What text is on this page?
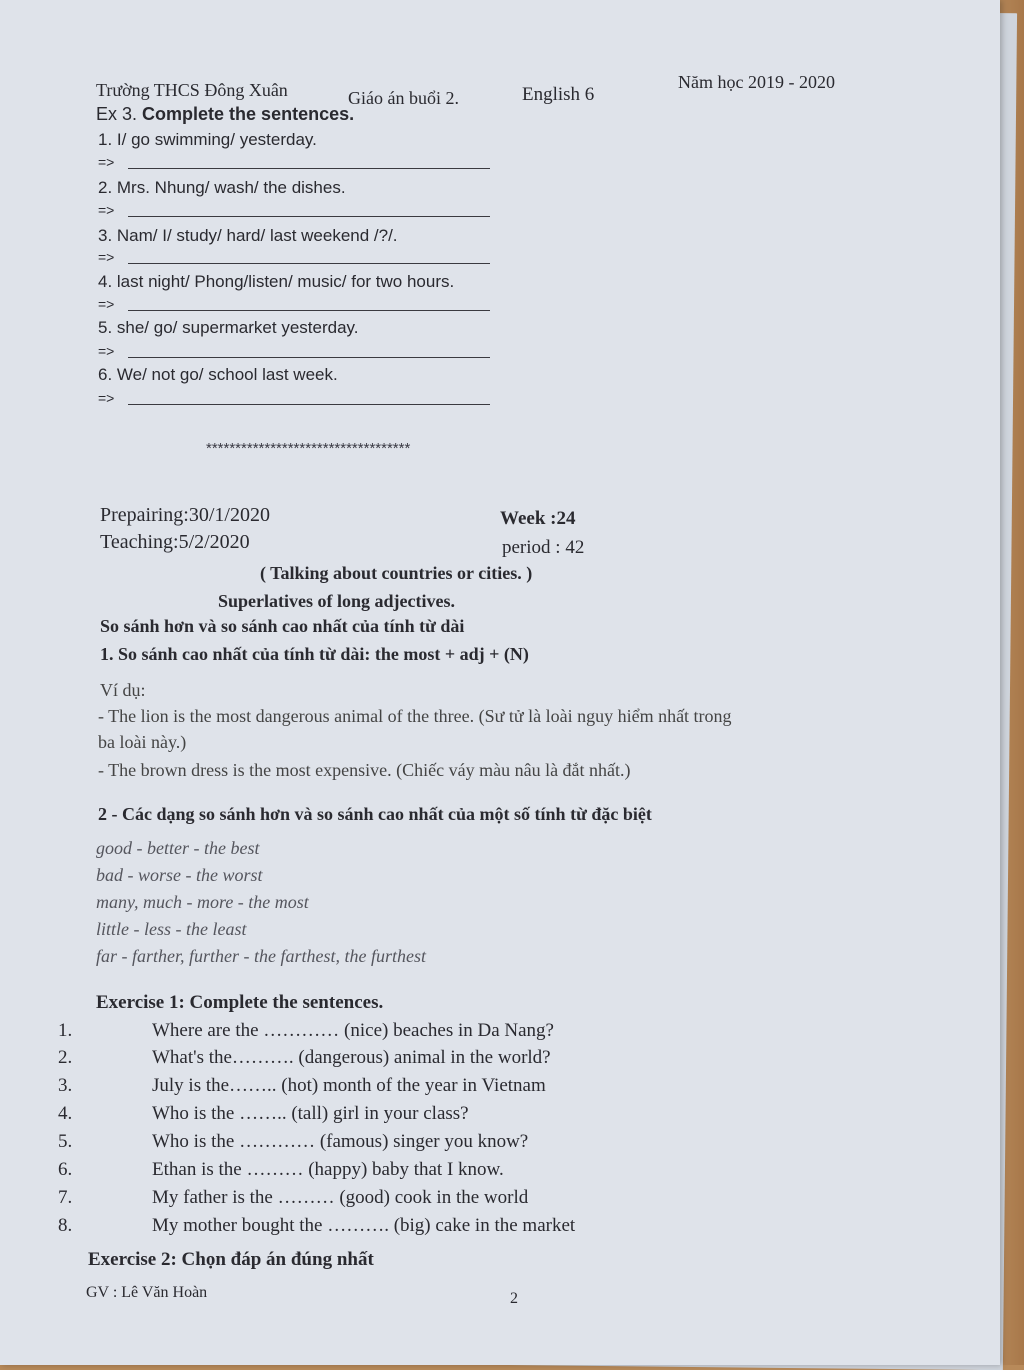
Trường THCS Đông Xuân	Giáo án buổi 2.	English 6
Năm học 2019 - 2020
Ex 3. Complete the sentences.
1. I/ go swimming/ yesterday.
=>
2. Mrs. Nhung/ wash/ the dishes.
=>
3. Nam/ I/ study/ hard/ last weekend /?/.
=>
4. last night/ Phong/listen/ music/ for two hours.
=>
5. she/ go/ supermarket yesterday.
=>
6. We/ not go/ school last week.
=>
***********************************
Prepairing:30/1/2020
Teaching:5/2/2020
Week :24
period : 42
( Talking about countries or cities. )
Superlatives of long adjectives.
So sánh hơn và so sánh cao nhất của tính từ dài
1. So sánh cao nhất của tính từ dài: the most + adj + (N)
Ví dụ:
- The lion is the most dangerous animal of the three. (Sư tử là loài nguy hiểm nhất trong
ba loài này.)
- The brown dress is the most expensive. (Chiếc váy màu nâu là đắt nhất.)
2 - Các dạng so sánh hơn và so sánh cao nhất của một số tính từ đặc biệt
good - better - the best
bad - worse - the worst
many, much - more - the most
little - less - the least
far - farther, further - the farthest, the furthest
Exercise 1: Complete the sentences.
1.	Where are the ………… (nice) beaches in Da Nang?
2.	What's the………. (dangerous) animal in the world?
3.	July is the…….. (hot) month of the year in Vietnam
4.	Who is the …….. (tall) girl in your class?
5.	Who is the ………… (famous) singer you know?
6.	Ethan is the ……… (happy) baby that I know.
7.	My father is the ……… (good) cook in the world
8.	My mother bought the ………. (big) cake in the market
Exercise 2: Chọn đáp án đúng nhất
GV : Lê Văn Hoàn	2
